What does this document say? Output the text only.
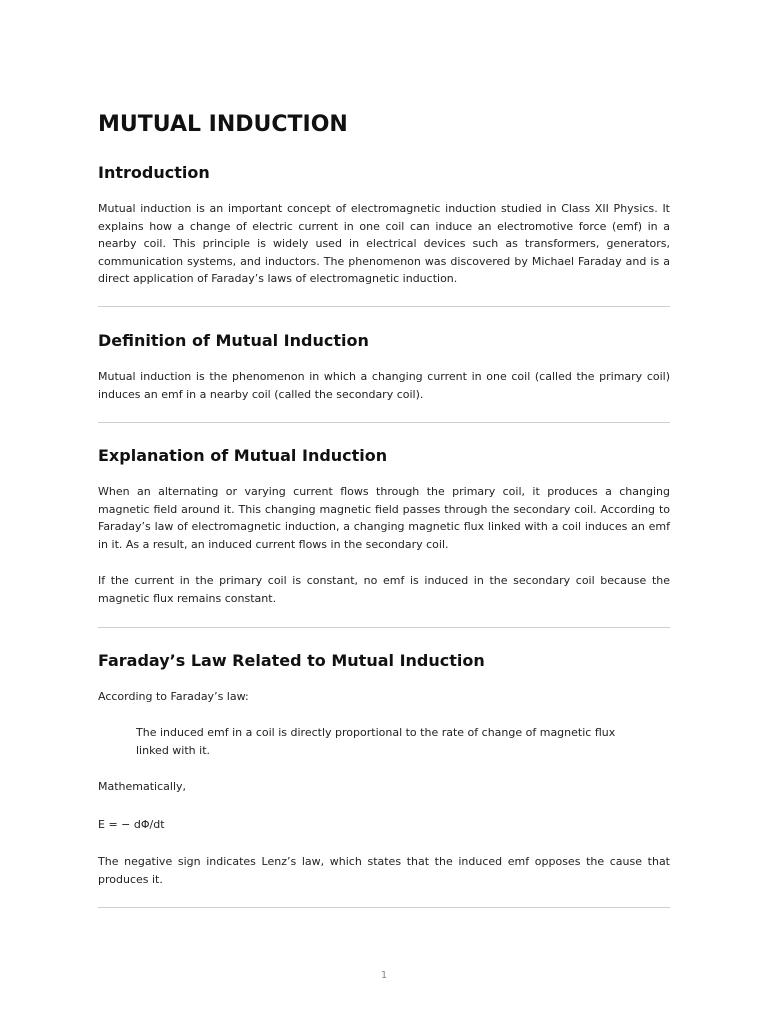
MUTUAL INDUCTION
Introduction

Mutual induction is an important concept of electromagnetic induction studied in Class XII Physics. It explains how a change of electric current in one coil can induce an electromotive force (emf) in a nearby coil. This principle is widely used in electrical devices such as transformers, generators, communication systems, and inductors. The phenomenon was discovered by Michael Faraday and is a direct application of Faraday’s laws of electromagnetic induction.

Definition of Mutual Induction

Mutual induction is the phenomenon in which a changing current in one coil (called the primary coil) induces an emf in a nearby coil (called the secondary coil).

Explanation of Mutual Induction

When an alternating or varying current flows through the primary coil, it produces a changing magnetic field around it. This changing magnetic field passes through the secondary coil. According to Faraday’s law of electromagnetic induction, a changing magnetic flux linked with a coil induces an emf in it. As a result, an induced current flows in the secondary coil.

If the current in the primary coil is constant, no emf is induced in the secondary coil because the magnetic flux remains constant.

Faraday’s Law Related to Mutual Induction

According to Faraday’s law:

The induced emf in a coil is directly proportional to the rate of change of magnetic flux linked with it.

Mathematically,

E = − dΦ/dt

The negative sign indicates Lenz’s law, which states that the induced emf opposes the cause that produces it.

1
